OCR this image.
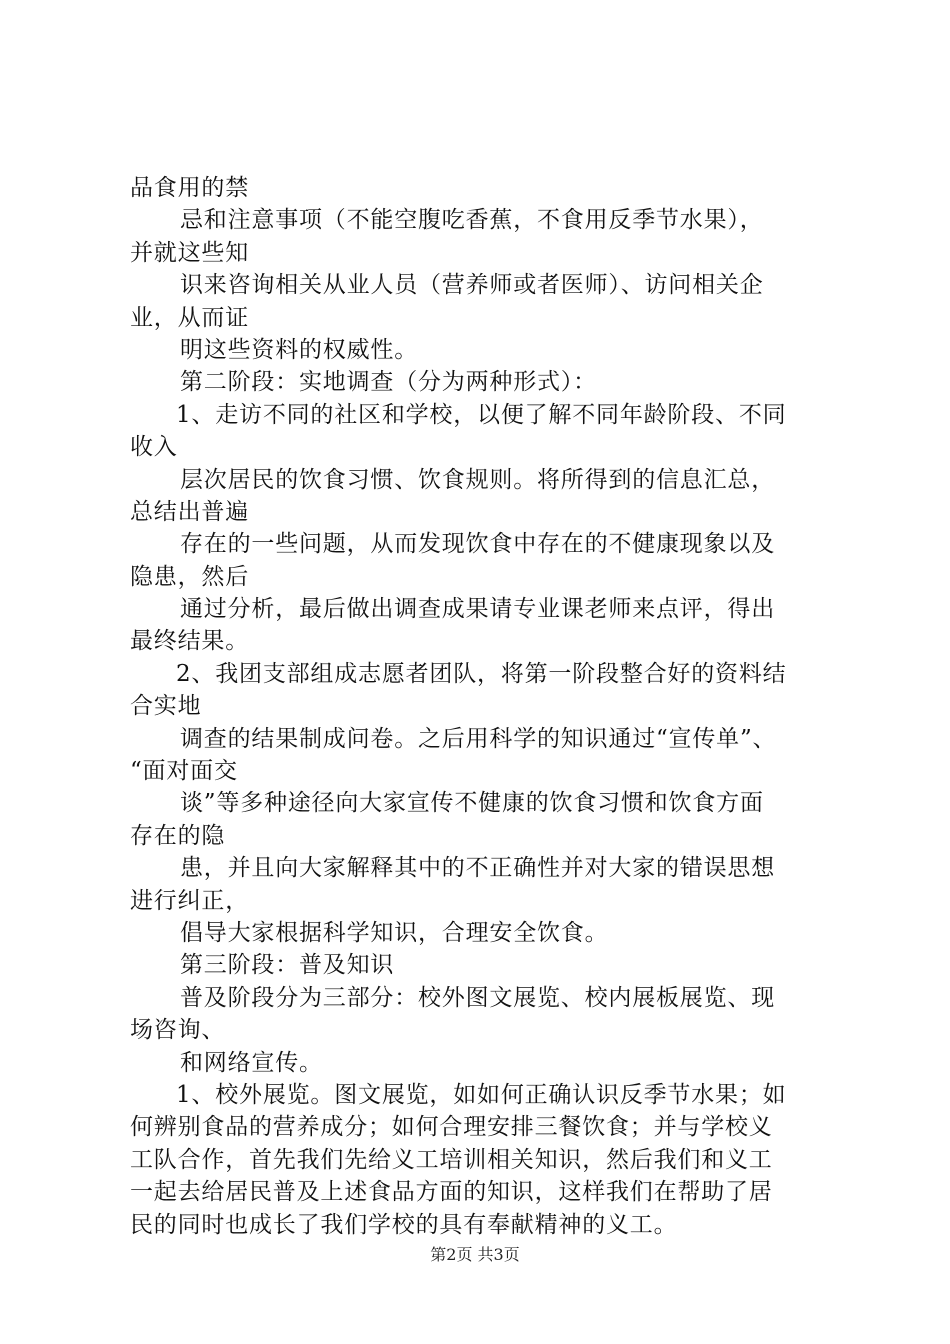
品食用的禁
忌和注意事项（不能空腹吃香蕉，不食用反季节水果），
并就这些知
识来咨询相关从业人员（营养师或者医师）、访问相关企
业，从而证
明这些资料的权威性。
第二阶段：实地调查（分为两种形式）：
1、走访不同的社区和学校，以便了解不同年龄阶段、不同
收入
层次居民的饮食习惯、饮食规则。将所得到的信息汇总，
总结出普遍
存在的一些问题，从而发现饮食中存在的不健康现象以及
隐患，然后
通过分析，最后做出调查成果请专业课老师来点评，得出
最终结果。
2、我团支部组成志愿者团队，将第一阶段整合好的资料结
合实地
调查的结果制成问卷。之后用科学的知识通过“宣传单”、
“面对面交
谈”等多种途径向大家宣传不健康的饮食习惯和饮食方面
存在的隐
患，并且向大家解释其中的不正确性并对大家的错误思想
进行纠正，
倡导大家根据科学知识，合理安全饮食。
第三阶段：普及知识
普及阶段分为三部分：校外图文展览、校内展板展览、现
场咨询、
和网络宣传。
1、校外展览。图文展览，如如何正确认识反季节水果；如
何辨别食品的营养成分；如何合理安排三餐饮食；并与学校义
工队合作，首先我们先给义工培训相关知识，然后我们和义工
一起去给居民普及上述食品方面的知识，这样我们在帮助了居
民的同时也成长了我们学校的具有奉献精神的义工。
第2页 共3页
